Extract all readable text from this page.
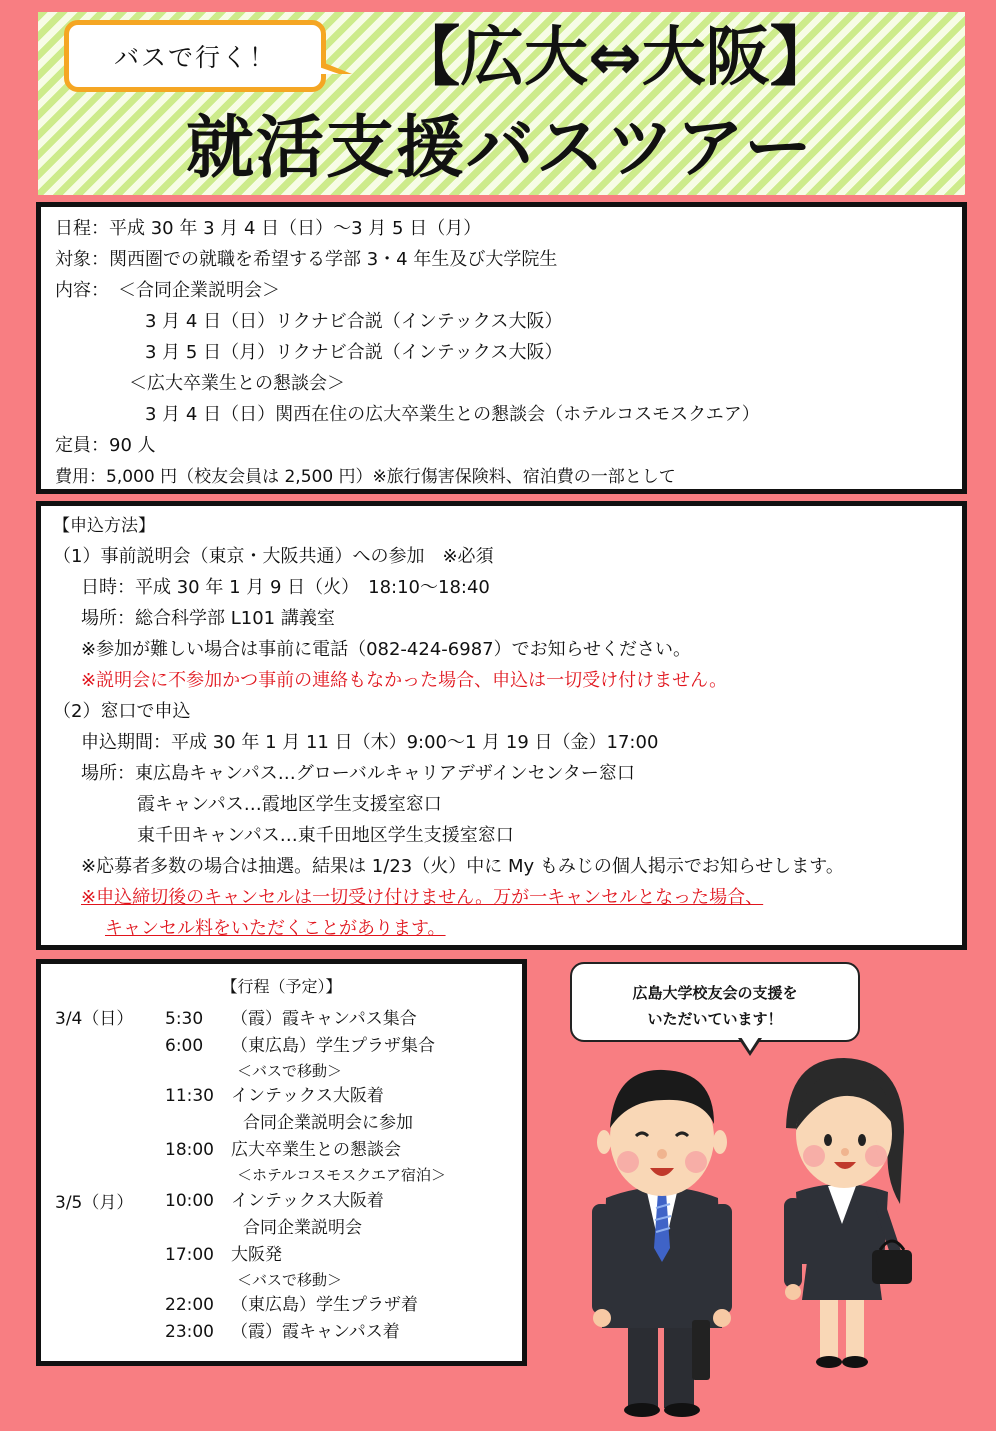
バスで行く！	【広大⇔大阪】
就活支援バスツアー
日程：平成 30 年 3 月 4 日（日）～3 月 5 日（月）
対象：関西圏での就職を希望する学部 3・4 年生及び大学院生
内容：　＜合同企業説明会＞
3 月 4 日（日）リクナビ合説（インテックス大阪）
3 月 5 日（月）リクナビ合説（インテックス大阪）
＜広大卒業生との懇談会＞
3 月 4 日（日）関西在住の広大卒業生との懇談会（ホテルコスモスクエア）
定員：90 人
費用：5,000 円（校友会員は 2,500 円）※旅行傷害保険料、宿泊費の一部として
【申込方法】
（1）事前説明会（東京・大阪共通）への参加　※必須
日時：平成 30 年 1 月 9 日（火）　18:10～18:40
場所：総合科学部 L101 講義室
※参加が難しい場合は事前に電話（082-424-6987）でお知らせください。
※説明会に不参加かつ事前の連絡もなかった場合、申込は一切受け付けません。
（2）窓口で申込
申込期間：平成 30 年 1 月 11 日（木）9:00～1 月 19 日（金）17:00
場所：東広島キャンパス…グローバルキャリアデザインセンター窓口
霞キャンパス…霞地区学生支援室窓口
東千田キャンパス…東千田地区学生支援室窓口
※応募者多数の場合は抽選。結果は 1/23（火）中に My もみじの個人掲示でお知らせします。
※申込締切後のキャンセルは一切受け付けません。万が一キャンセルとなった場合、
キャンセル料をいただくことがあります。
【行程（予定）】
3/4（日）
3/5（月）
5:30 （霞）霞キャンパス集合
6:00 （東広島）学生プラザ集合
＜バスで移動＞
11:30 インテックス大阪着
合同企業説明会に参加
18:00 広大卒業生との懇談会
＜ホテルコスモスクエア宿泊＞
10:00 インテックス大阪着
合同企業説明会
17:00 大阪発
＜バスで移動＞
22:00 （東広島）学生プラザ着
23:00 （霞）霞キャンパス着
広島大学校友会の支援を
いただいています！
